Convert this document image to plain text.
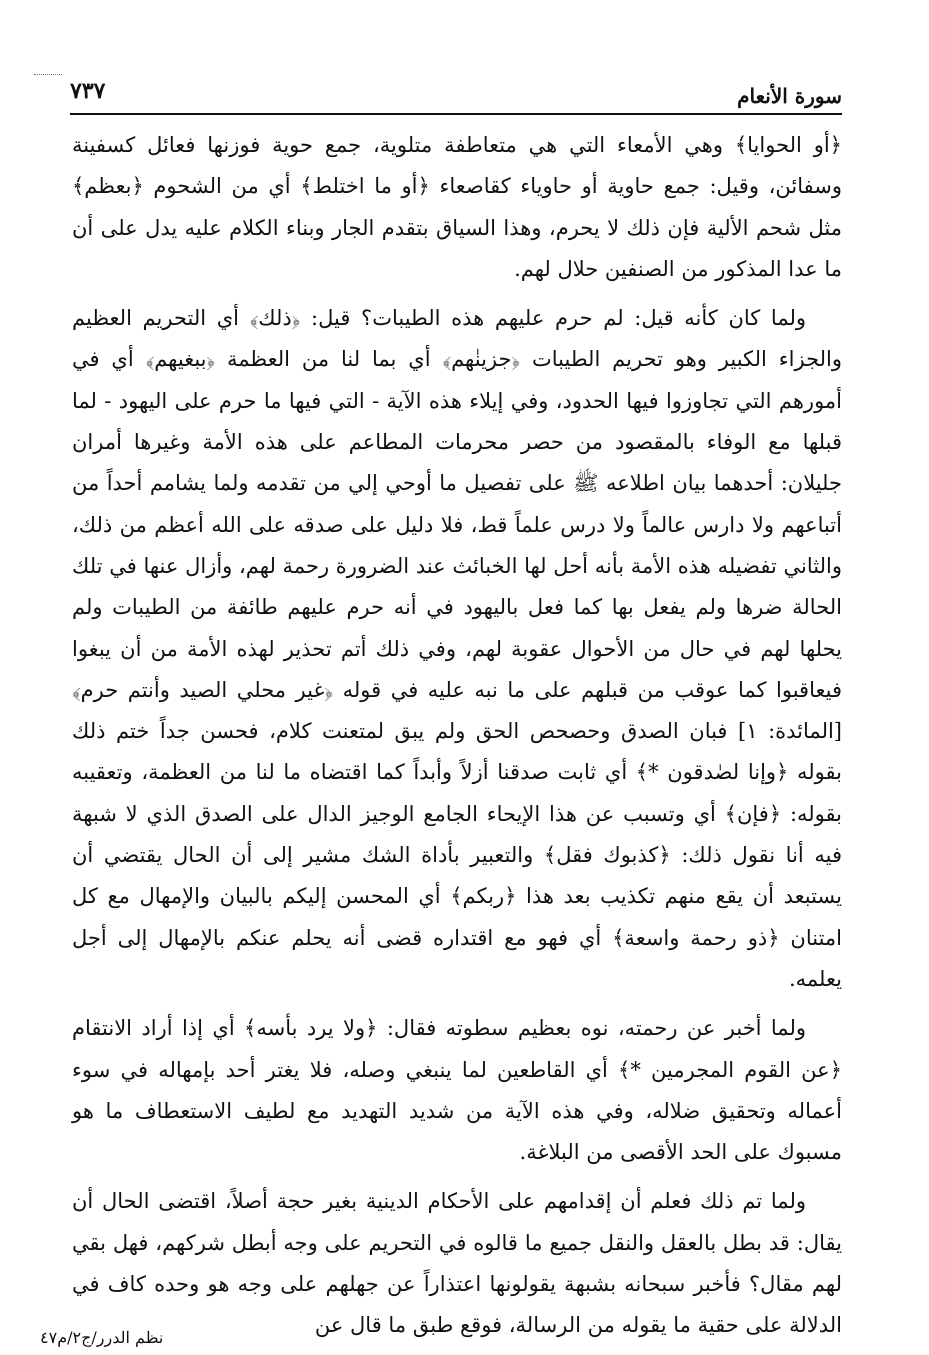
سورة الأنعام
٧٣٧

﴿أو الحوايا﴾ وهي الأمعاء التي هي متعاطفة متلوية، جمع حوية فوزنها فعائل كسفينة وسفائن، وقيل: جمع حاوية أو حاوياء كقاصعاء ﴿أو ما اختلط﴾ أي من الشحوم ﴿بعظم﴾ مثل شحم الألية فإن ذلك لا يحرم، وهذا السياق بتقدم الجار وبناء الكلام عليه يدل على أن ما عدا المذكور من الصنفين حلال لهم.

ولما كان كأنه قيل: لم حرم عليهم هذه الطيبات؟ قيل: ﴿ذلك﴾ أي التحريم العظيم والجزاء الكبير وهو تحريم الطيبات ﴿جزينٰهم﴾ أي بما لنا من العظمة ﴿ببغيهم﴾ أي في أمورهم التي تجاوزوا فيها الحدود، وفي إيلاء هذه الآية - التي فيها ما حرم على اليهود - لما قبلها مع الوفاء بالمقصود من حصر محرمات المطاعم على هذه الأمة وغيرها أمران جليلان: أحدهما بيان اطلاعه ﷺ على تفصيل ما أوحي إلي من تقدمه ولما يشامم أحداً من أتباعهم ولا دارس عالماً ولا درس علماً قط، فلا دليل على صدقه على الله أعظم من ذلك، والثاني تفضيله هذه الأمة بأنه أحل لها الخبائث عند الضرورة رحمة لهم، وأزال عنها في تلك الحالة ضرها ولم يفعل بها كما فعل باليهود في أنه حرم عليهم طائفة من الطيبات ولم يحلها لهم في حال من الأحوال عقوبة لهم، وفي ذلك أتم تحذير لهذه الأمة من أن يبغوا فيعاقبوا كما عوقب من قبلهم على ما نبه عليه في قوله ﴿غير محلي الصيد وأنتم حرم﴾ [المائدة: ١] فبان الصدق وحصحص الحق ولم يبق لمتعنت كلام، فحسن جداً ختم ذلك بقوله ﴿وإنا لصٰدقون *﴾ أي ثابت صدقنا أزلاً وأبداً كما اقتضاه ما لنا من العظمة، وتعقيبه بقوله: ﴿فإن﴾ أي وتسبب عن هذا الإيحاء الجامع الوجيز الدال على الصدق الذي لا شبهة فيه أنا نقول ذلك: ﴿كذبوك فقل﴾ والتعبير بأداة الشك مشير إلى أن الحال يقتضي أن يستبعد أن يقع منهم تكذيب بعد هذا ﴿ربكم﴾ أي المحسن إليكم بالبيان والإمهال مع كل امتنان ﴿ذو رحمة واسعة﴾ أي فهو مع اقتداره قضى أنه يحلم عنكم بالإمهال إلى أجل يعلمه.

ولما أخبر عن رحمته، نوه بعظيم سطوته فقال: ﴿ولا يرد بأسه﴾ أي إذا أراد الانتقام ﴿عن القوم المجرمين *﴾ أي القاطعين لما ينبغي وصله، فلا يغتر أحد بإمهاله في سوء أعماله وتحقيق ضلاله، وفي هذه الآية من شديد التهديد مع لطيف الاستعطاف ما هو مسبوك على الحد الأقصى من البلاغة.

ولما تم ذلك فعلم أن إقدامهم على الأحكام الدينية بغير حجة أصلاً، اقتضى الحال أن يقال: قد بطل بالعقل والنقل جميع ما قالوه في التحريم على وجه أبطل شركهم، فهل بقي لهم مقال؟ فأخبر سبحانه بشبهة يقولونها اعتذاراً عن جهلهم على وجه هو وحده كاف في الدلالة على حقية ما يقوله من الرسالة، فوقع طبق ما قال عن

نظم الدرر/ج٢/م٤٧
